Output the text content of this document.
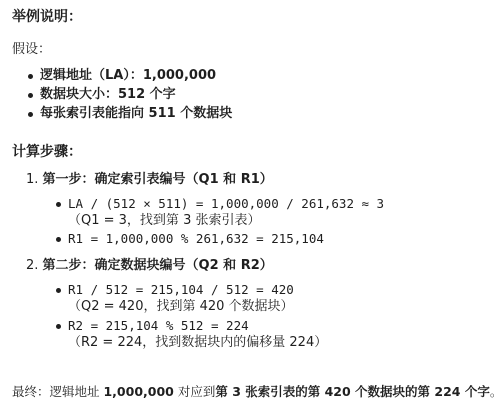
举例说明：
假设：
逻辑地址（LA）：1,000,000
数据块大小：512 个字
每张索引表能指向 511 个数据块
计算步骤：
1. 第一步：确定索引表编号（Q1 和 R1）
LA / (512 × 511) = 1,000,000 / 261,632 ≈ 3
（Q1 = 3，找到第 3 张索引表）
R1 = 1,000,000 % 261,632 = 215,104
2. 第二步：确定数据块编号（Q2 和 R2）
R1 / 512 = 215,104 / 512 = 420
（Q2 = 420，找到第 420 个数据块）
R2 = 215,104 % 512 = 224
（R2 = 224，找到数据块内的偏移量 224）
最终：逻辑地址 1,000,000 对应到第 3 张索引表的第 420 个数据块的第 224 个字。
